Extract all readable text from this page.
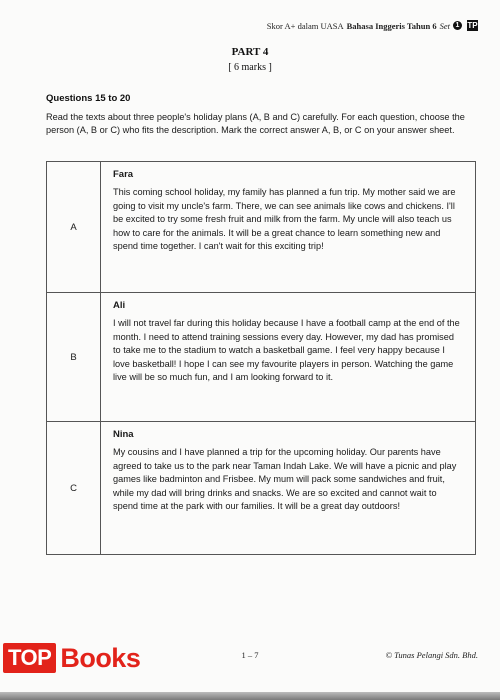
Skor A+ dalam UASA Bahasa Inggeris Tahun 6 Set 1 TP
PART 4
[ 6 marks ]
Questions 15 to 20

Read the texts about three people's holiday plans (A, B and C) carefully. For each question, choose the person (A, B or C) who fits the description. Mark the correct answer A, B, or C on your answer sheet.

A	Fara

This coming school holiday, my family has planned a fun trip. My mother said we are going to visit my uncle's farm. There, we can see animals like cows and chickens. I'll be excited to try some fresh fruit and milk from the farm. My uncle will also teach us how to care for the animals. It will be a great chance to learn something new and spend time together. I can't wait for this exciting trip!

B	Ali

I will not travel far during this holiday because I have a football camp at the end of the month. I need to attend training sessions every day. However, my dad has promised to take me to the stadium to watch a basketball game. I feel very happy because I love basketball! I hope I can see my favourite players in person. Watching the game live will be so much fun, and I am looking forward to it.

C	Nina

My cousins and I have planned a trip for the upcoming holiday. Our parents have agreed to take us to the park near Taman Indah Lake. We will have a picnic and play games like badminton and Frisbee. My mum will pack some sandwiches and fruit, while my dad will bring drinks and snacks. We are so excited and cannot wait to spend time at the park with our families. It will be a great day outdoors!

1 – 7	© Tunas Pelangi Sdn. Bhd.
TOP Books
